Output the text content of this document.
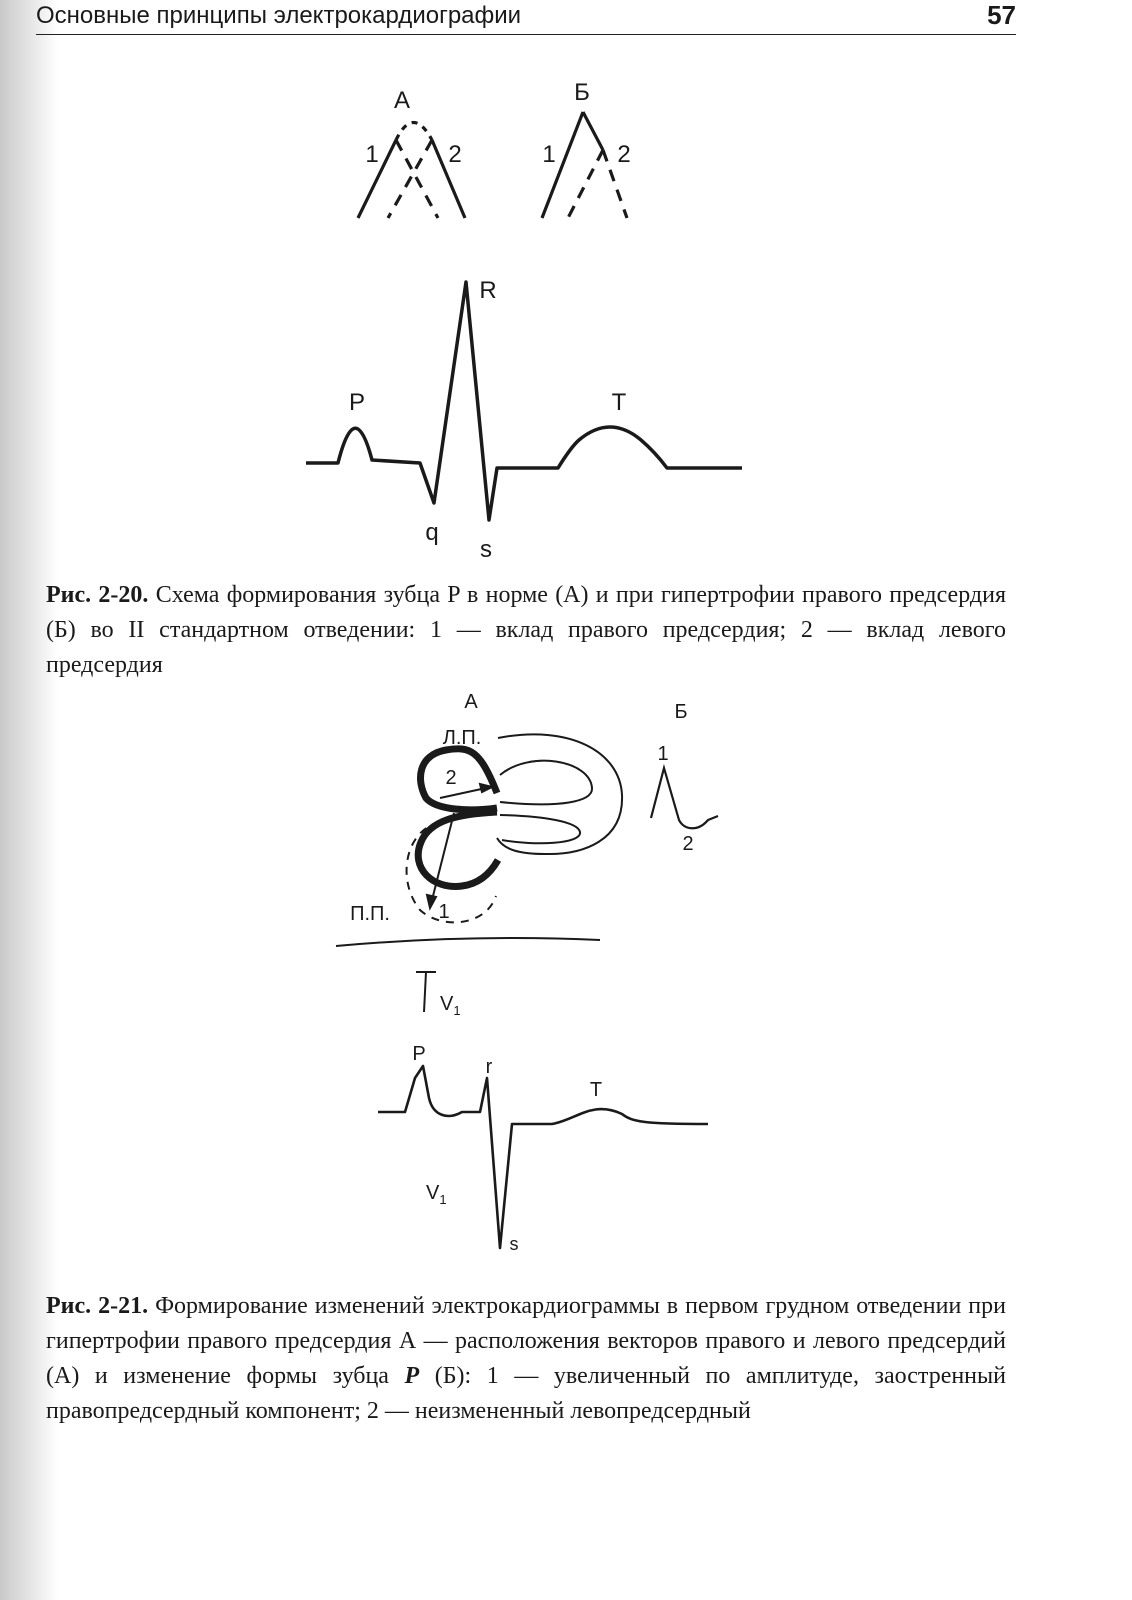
Основные принципы электрокардиографии	57
А
1	2
Б
1	2
P
R
q
s
T
Рис. 2-20. Схема формирования зубца P в норме (А) и при гипертрофии правого предсердия (Б) во II стандартном отведении: 1 — вклад правого предсердия; 2 — вклад левого предсердия
А	Б
Л.П.
2
1
П.П.
$V_1$
1
2
P
r
T
s
$V_1$
Рис. 2-21. Формирование изменений электрокардиограммы в первом грудном отведении при гипертрофии правого предсердия А — расположения векторов правого и левого предсердий (А) и изменение формы зубца P (Б): 1 — увеличенный по амплитуде, заостренный правопредсердный компонент; 2 — неизмененный левопредсердный
